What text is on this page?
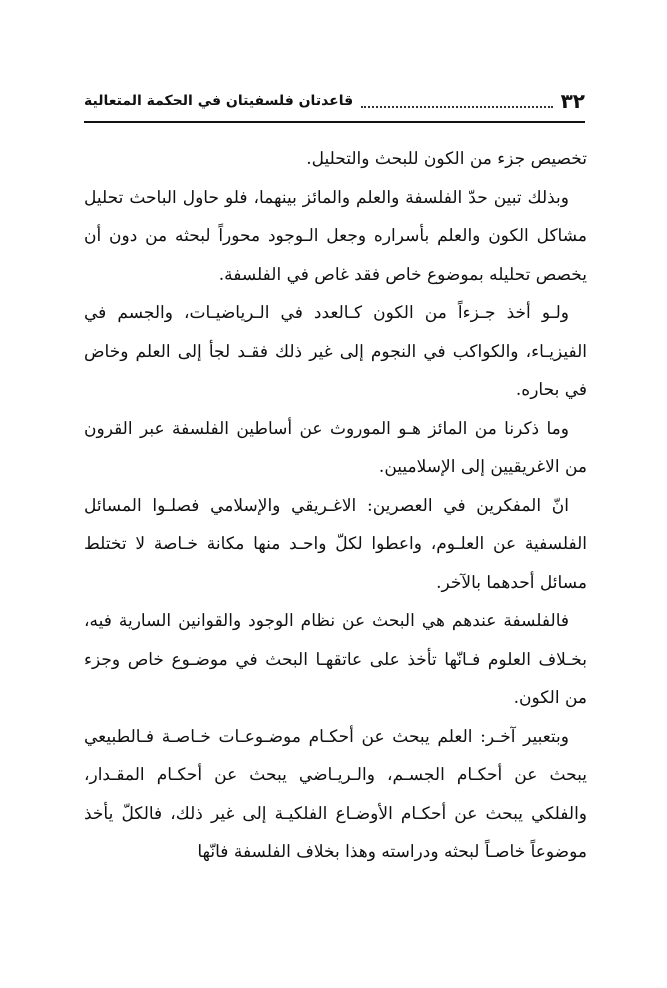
٣٢
قاعدتان فلسفيتان في الحكمة المتعالية

تخصيص جزء من الكون للبحث والتحليل.

وبذلك تبين حدّ الفلسفة والعلم والمائز بينهما، فلو حاول الباحث تحليل مشاكل الكون والعلم بأسراره وجعل الـوجود محوراً لبحثه من دون أن يخصص تحليله بموضوع خاص فقد غاص في الفلسفة.

ولـو أخذ جـزءاً من الكون كـالعدد في الـرياضيـات، والجسم في الفيزيـاء، والكواكب في النجوم إلى غير ذلك فقـد لجأ إلى العلم وخاض في بحاره.

وما ذكرنا من المائز هـو الموروث عن أساطين الفلسفة عبر القرون من الاغريقيين إلى الإسلاميين.

انّ المفكرين في العصرين: الاغـريقي والإسلامي فصلـوا المسائل الفلسفية عن العلـوم، واعطوا لكلّ واحـد منها مكانة خـاصة لا تختلط مسائل أحدهما بالآخر.

فالفلسفة عندهم هي البحث عن نظام الوجود والقوانين السارية فيه، بخـلاف العلوم فـانّها تأخذ على عاتقهـا البحث في موضـوع خاص وجزء من الكون.

وبتعبير آخـر: العلم يبحث عن أحكـام موضـوعـات خـاصـة فـالطبيعي يبحث عن أحكـام الجسـم، والـريـاضي يبحث عن أحكـام المقـدار، والفلكي يبحث عن أحكـام الأوضـاع الفلكيـة إلى غير ذلك، فالكلّ يأخذ موضوعاً خاصـاً لبحثه ودراسته وهذا بخلاف الفلسفة فانّها
